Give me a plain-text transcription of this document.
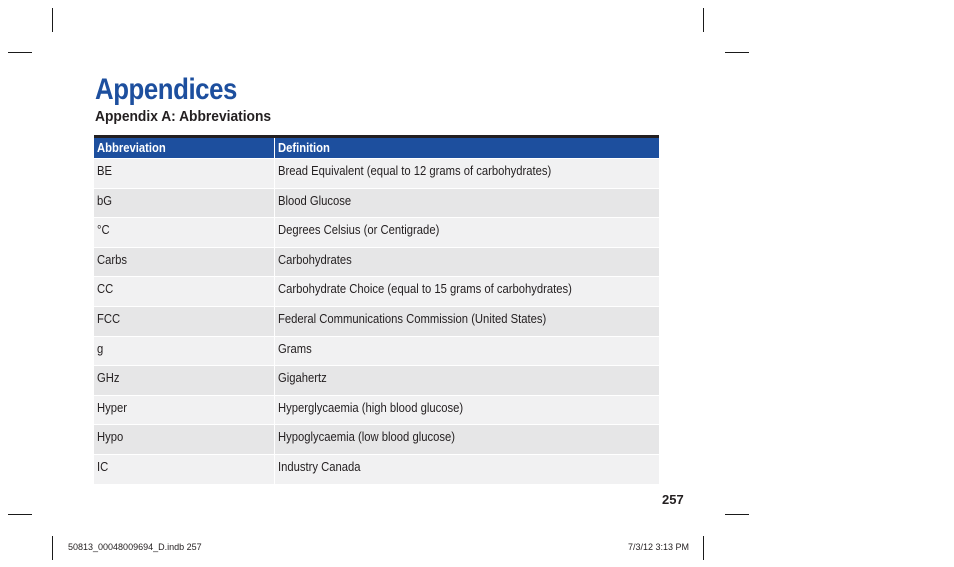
Appendices
Appendix A: Abbreviations
Abbreviation	Definition
BE	Bread Equivalent (equal to 12 grams of carbohydrates)
bG	Blood Glucose
°C	Degrees Celsius (or Centigrade)
Carbs	Carbohydrates
CC	Carbohydrate Choice (equal to 15 grams of carbohydrates)
FCC	Federal Communications Commission (United States)
g	Grams
GHz	Gigahertz
Hyper	Hyperglycaemia (high blood glucose)
Hypo	Hypoglycaemia (low blood glucose)
IC	Industry Canada
257
50813_00048009694_D.indb 257	7/3/12 3:13 PM
